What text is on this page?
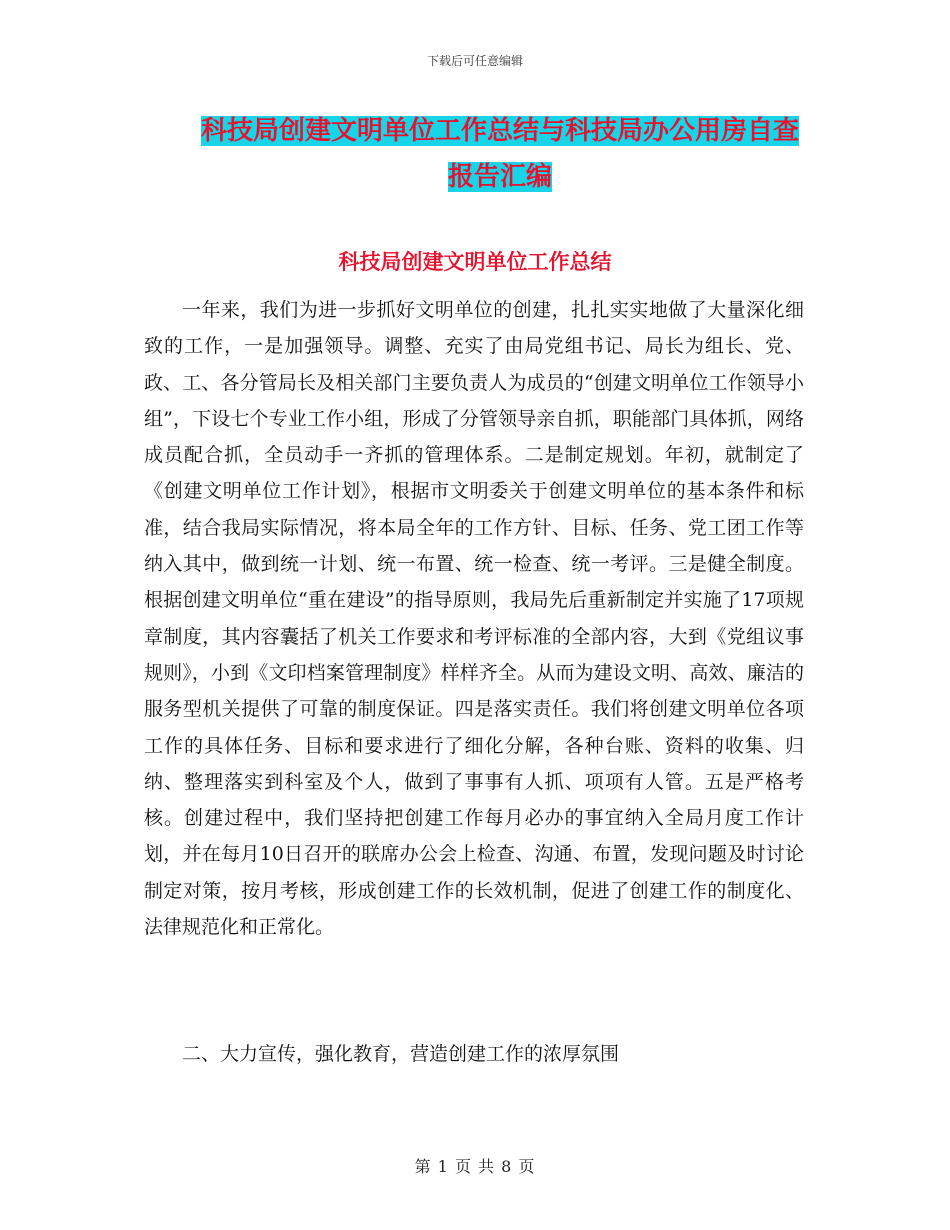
下载后可任意编辑
科技局创建文明单位工作总结与科技局办公用房自查报告汇编
科技局创建文明单位工作总结

一年来，我们为进一步抓好文明单位的创建，扎扎实实地做了大量深化细致的工作，一是加强领导。调整、充实了由局党组书记、局长为组长、党、政、工、各分管局长及相关部门主要负责人为成员的“创建文明单位工作领导小组”，下设七个专业工作小组，形成了分管领导亲自抓，职能部门具体抓，网络成员配合抓，全员动手一齐抓的管理体系。二是制定规划。年初，就制定了《创建文明单位工作计划》，根据市文明委关于创建文明单位的基本条件和标准，结合我局实际情况，将本局全年的工作方针、目标、任务、党工团工作等纳入其中，做到统一计划、统一布置、统一检查、统一考评。三是健全制度。根据创建文明单位“重在建设”的指导原则，我局先后重新制定并实施了17项规章制度，其内容囊括了机关工作要求和考评标准的全部内容，大到《党组议事规则》，小到《文印档案管理制度》样样齐全。从而为建设文明、高效、廉洁的服务型机关提供了可靠的制度保证。四是落实责任。我们将创建文明单位各项工作的具体任务、目标和要求进行了细化分解，各种台账、资料的收集、归纳、整理落实到科室及个人，做到了事事有人抓、项项有人管。五是严格考核。创建过程中，我们坚持把创建工作每月必办的事宜纳入全局月度工作计划，并在每月10日召开的联席办公会上检查、沟通、布置，发现问题及时讨论制定对策，按月考核，形成创建工作的长效机制，促进了创建工作的制度化、法律规范化和正常化。

二、大力宣传，强化教育，营造创建工作的浓厚氛围

第 1 页 共 8 页
